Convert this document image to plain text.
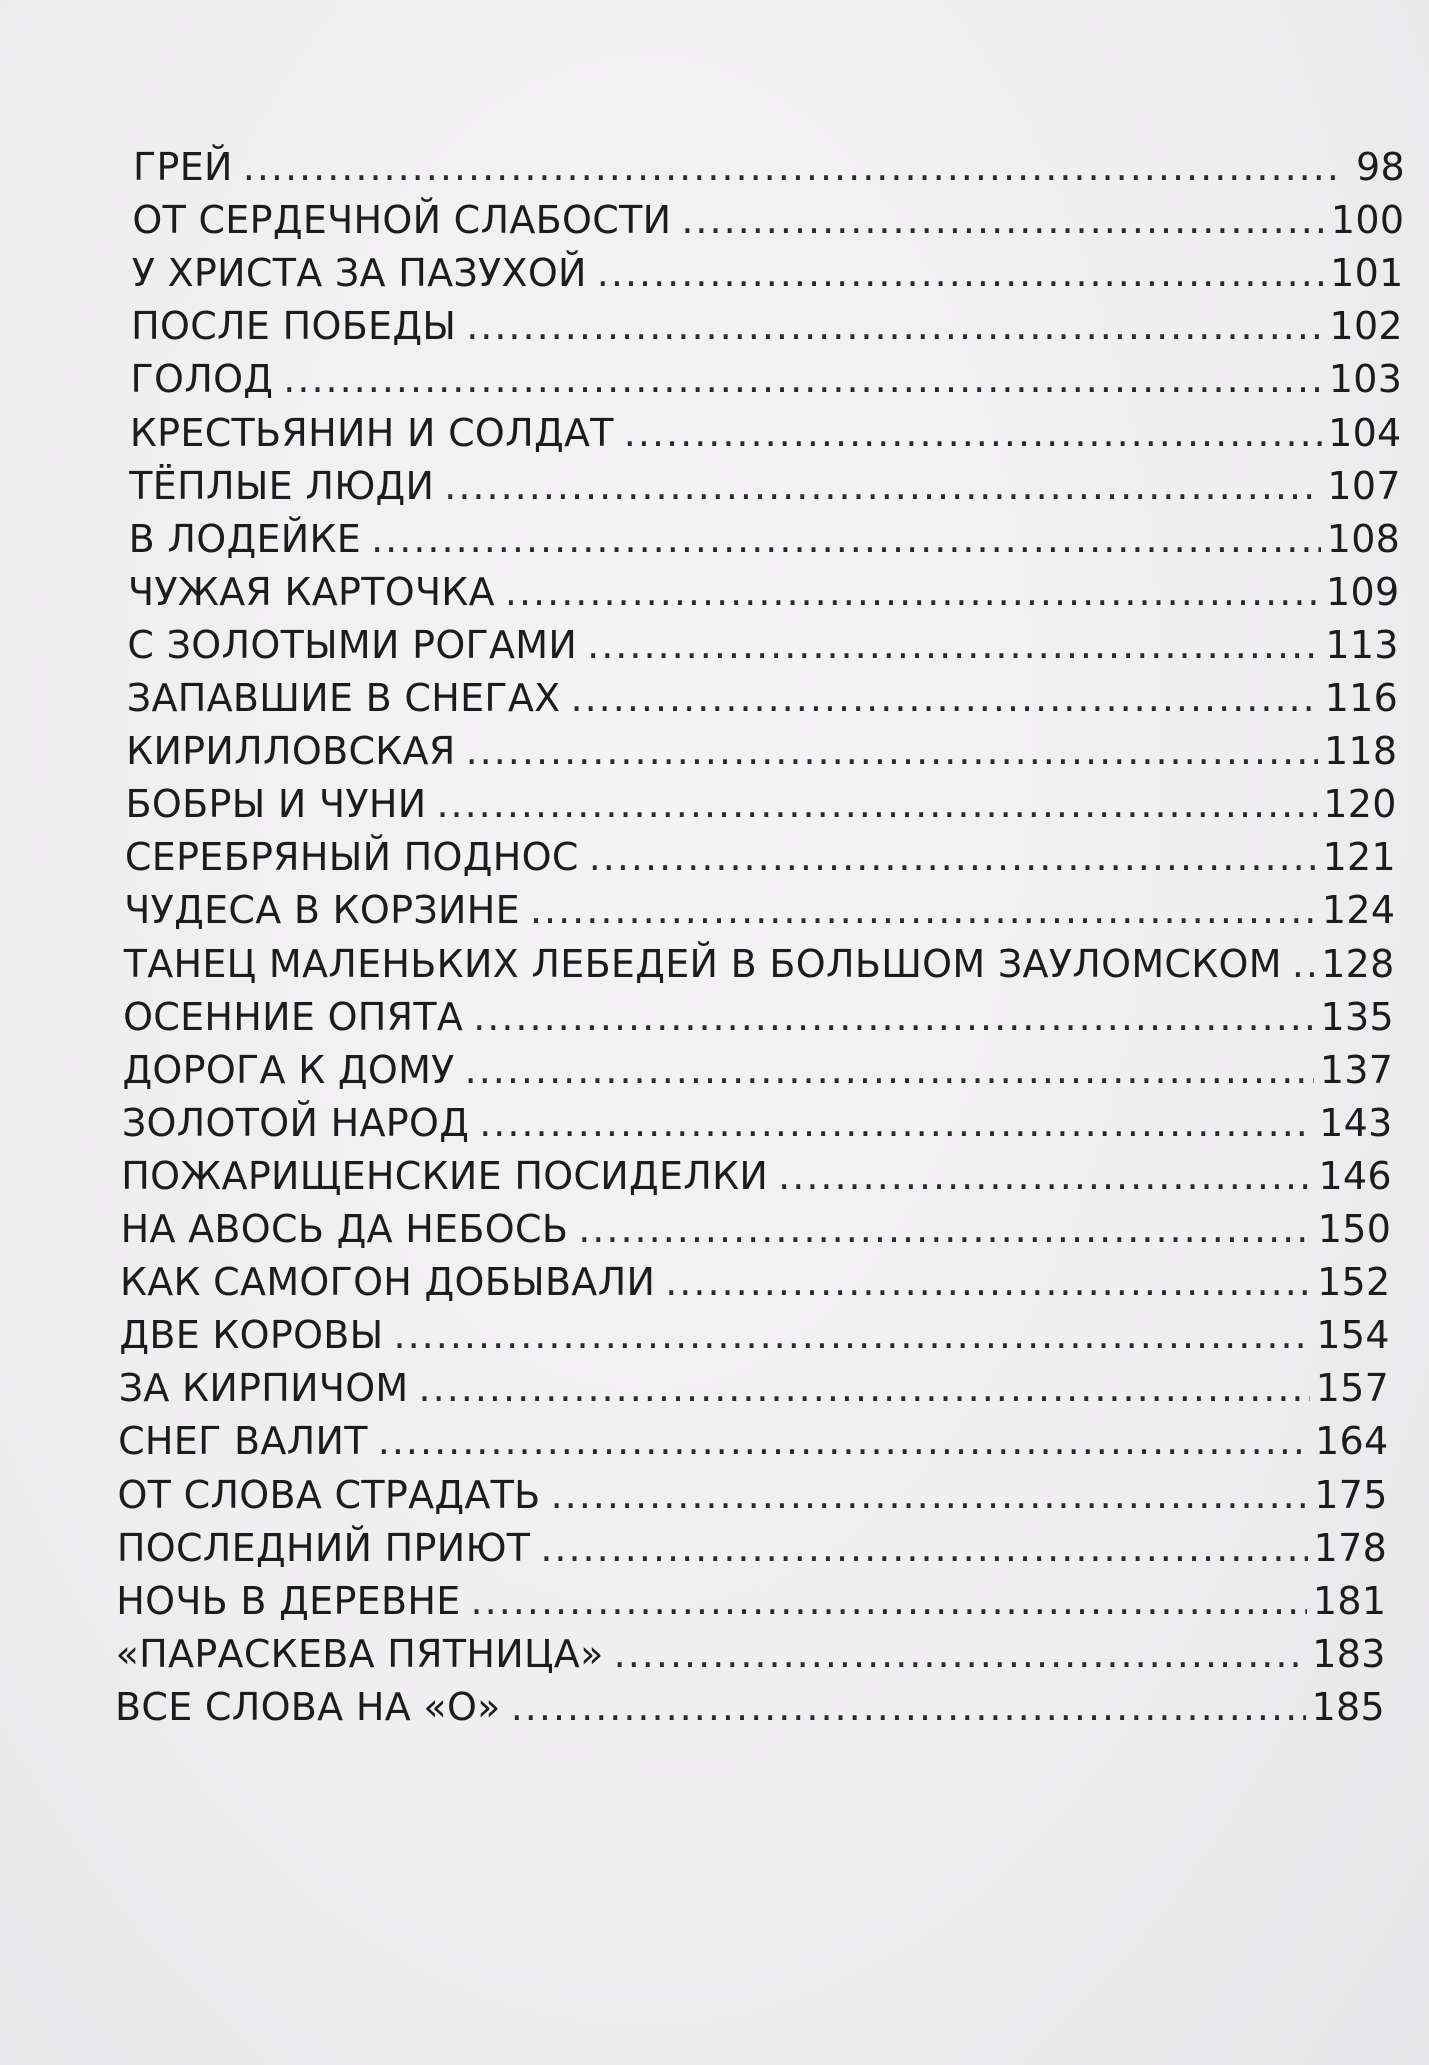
ГРЕЙ .....	98
ОТ СЕРДЕЧНОЙ СЛАБОСТИ .....	100
У ХРИСТА ЗА ПАЗУХОЙ .....	101
ПОСЛЕ ПОБЕДЫ .....	102
ГОЛОД .....	103
КРЕСТЬЯНИН И СОЛДАТ .....	104
ТЁПЛЫЕ ЛЮДИ .....	107
В ЛОДЕЙКЕ .....	108
ЧУЖАЯ КАРТОЧКА .....	109
С ЗОЛОТЫМИ РОГАМИ .....	113
ЗАПАВШИЕ В СНЕГАХ .....	116
КИРИЛЛОВСКАЯ .....	118
БОБРЫ И ЧУНИ .....	120
СЕРЕБРЯНЫЙ ПОДНОС .....	121
ЧУДЕСА В КОРЗИНЕ .....	124
ТАНЕЦ МАЛЕНЬКИХ ЛЕБЕДЕЙ В БОЛЬШОМ ЗАУЛОМСКОМ ..... 128
ОСЕННИЕ ОПЯТА .....	135
ДОРОГА К ДОМУ .....	137
ЗОЛОТОЙ НАРОД .....	143
ПОЖАРИЩЕНСКИЕ ПОСИДЕЛКИ .....	146
НА АВОСЬ ДА НЕБОСЬ .....	150
КАК САМОГОН ДОБЫВАЛИ .....	152
ДВЕ КОРОВЫ .....	154
ЗА КИРПИЧОМ .....	157
СНЕГ ВАЛИТ .....	164
ОТ СЛОВА СТРАДАТЬ .....	175
ПОСЛЕДНИЙ ПРИЮТ .....	178
НОЧЬ В ДЕРЕВНЕ .....	181
«ПАРАСКЕВА ПЯТНИЦА» .....	183
ВСЕ СЛОВА НА «О» .....	185
